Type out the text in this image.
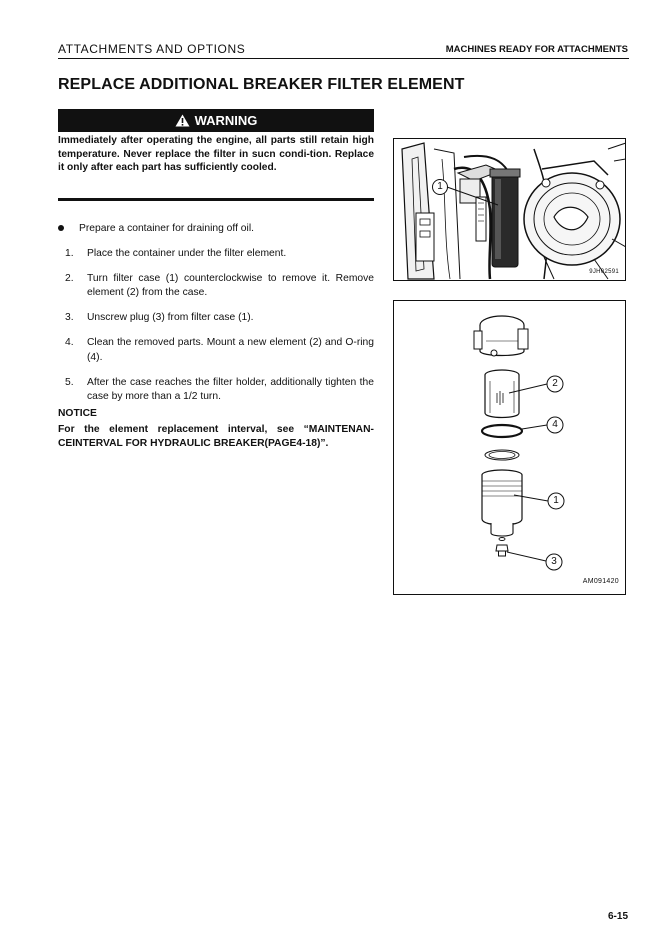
ATTACHMENTS AND OPTIONS	MACHINES READY FOR ATTACHMENTS
REPLACE ADDITIONAL BREAKER FILTER ELEMENT
WARNING
Immediately after operating the engine, all parts still retain high temperature. Never replace the filter in sucn condi-tion. Replace it only after each part has sufficiently cooled.
Prepare a container for draining off oil.
1. Place the container under the filter element.
2. Turn filter case (1) counterclockwise to remove it. Remove element (2) from the case.
3. Unscrew plug (3) from filter case (1).
4. Clean the removed parts. Mount a new element (2) and O-ring (4).
5. After the case reaches the filter holder, additionally tighten the case by more than a 1/2 turn.
NOTICE
For the element replacement interval, see “MAINTENAN-CEINTERVAL FOR HYDRAULIC BREAKER(PAGE4-18)”.
1
9JH02591
2
4
1
3
AM091420
6-15
